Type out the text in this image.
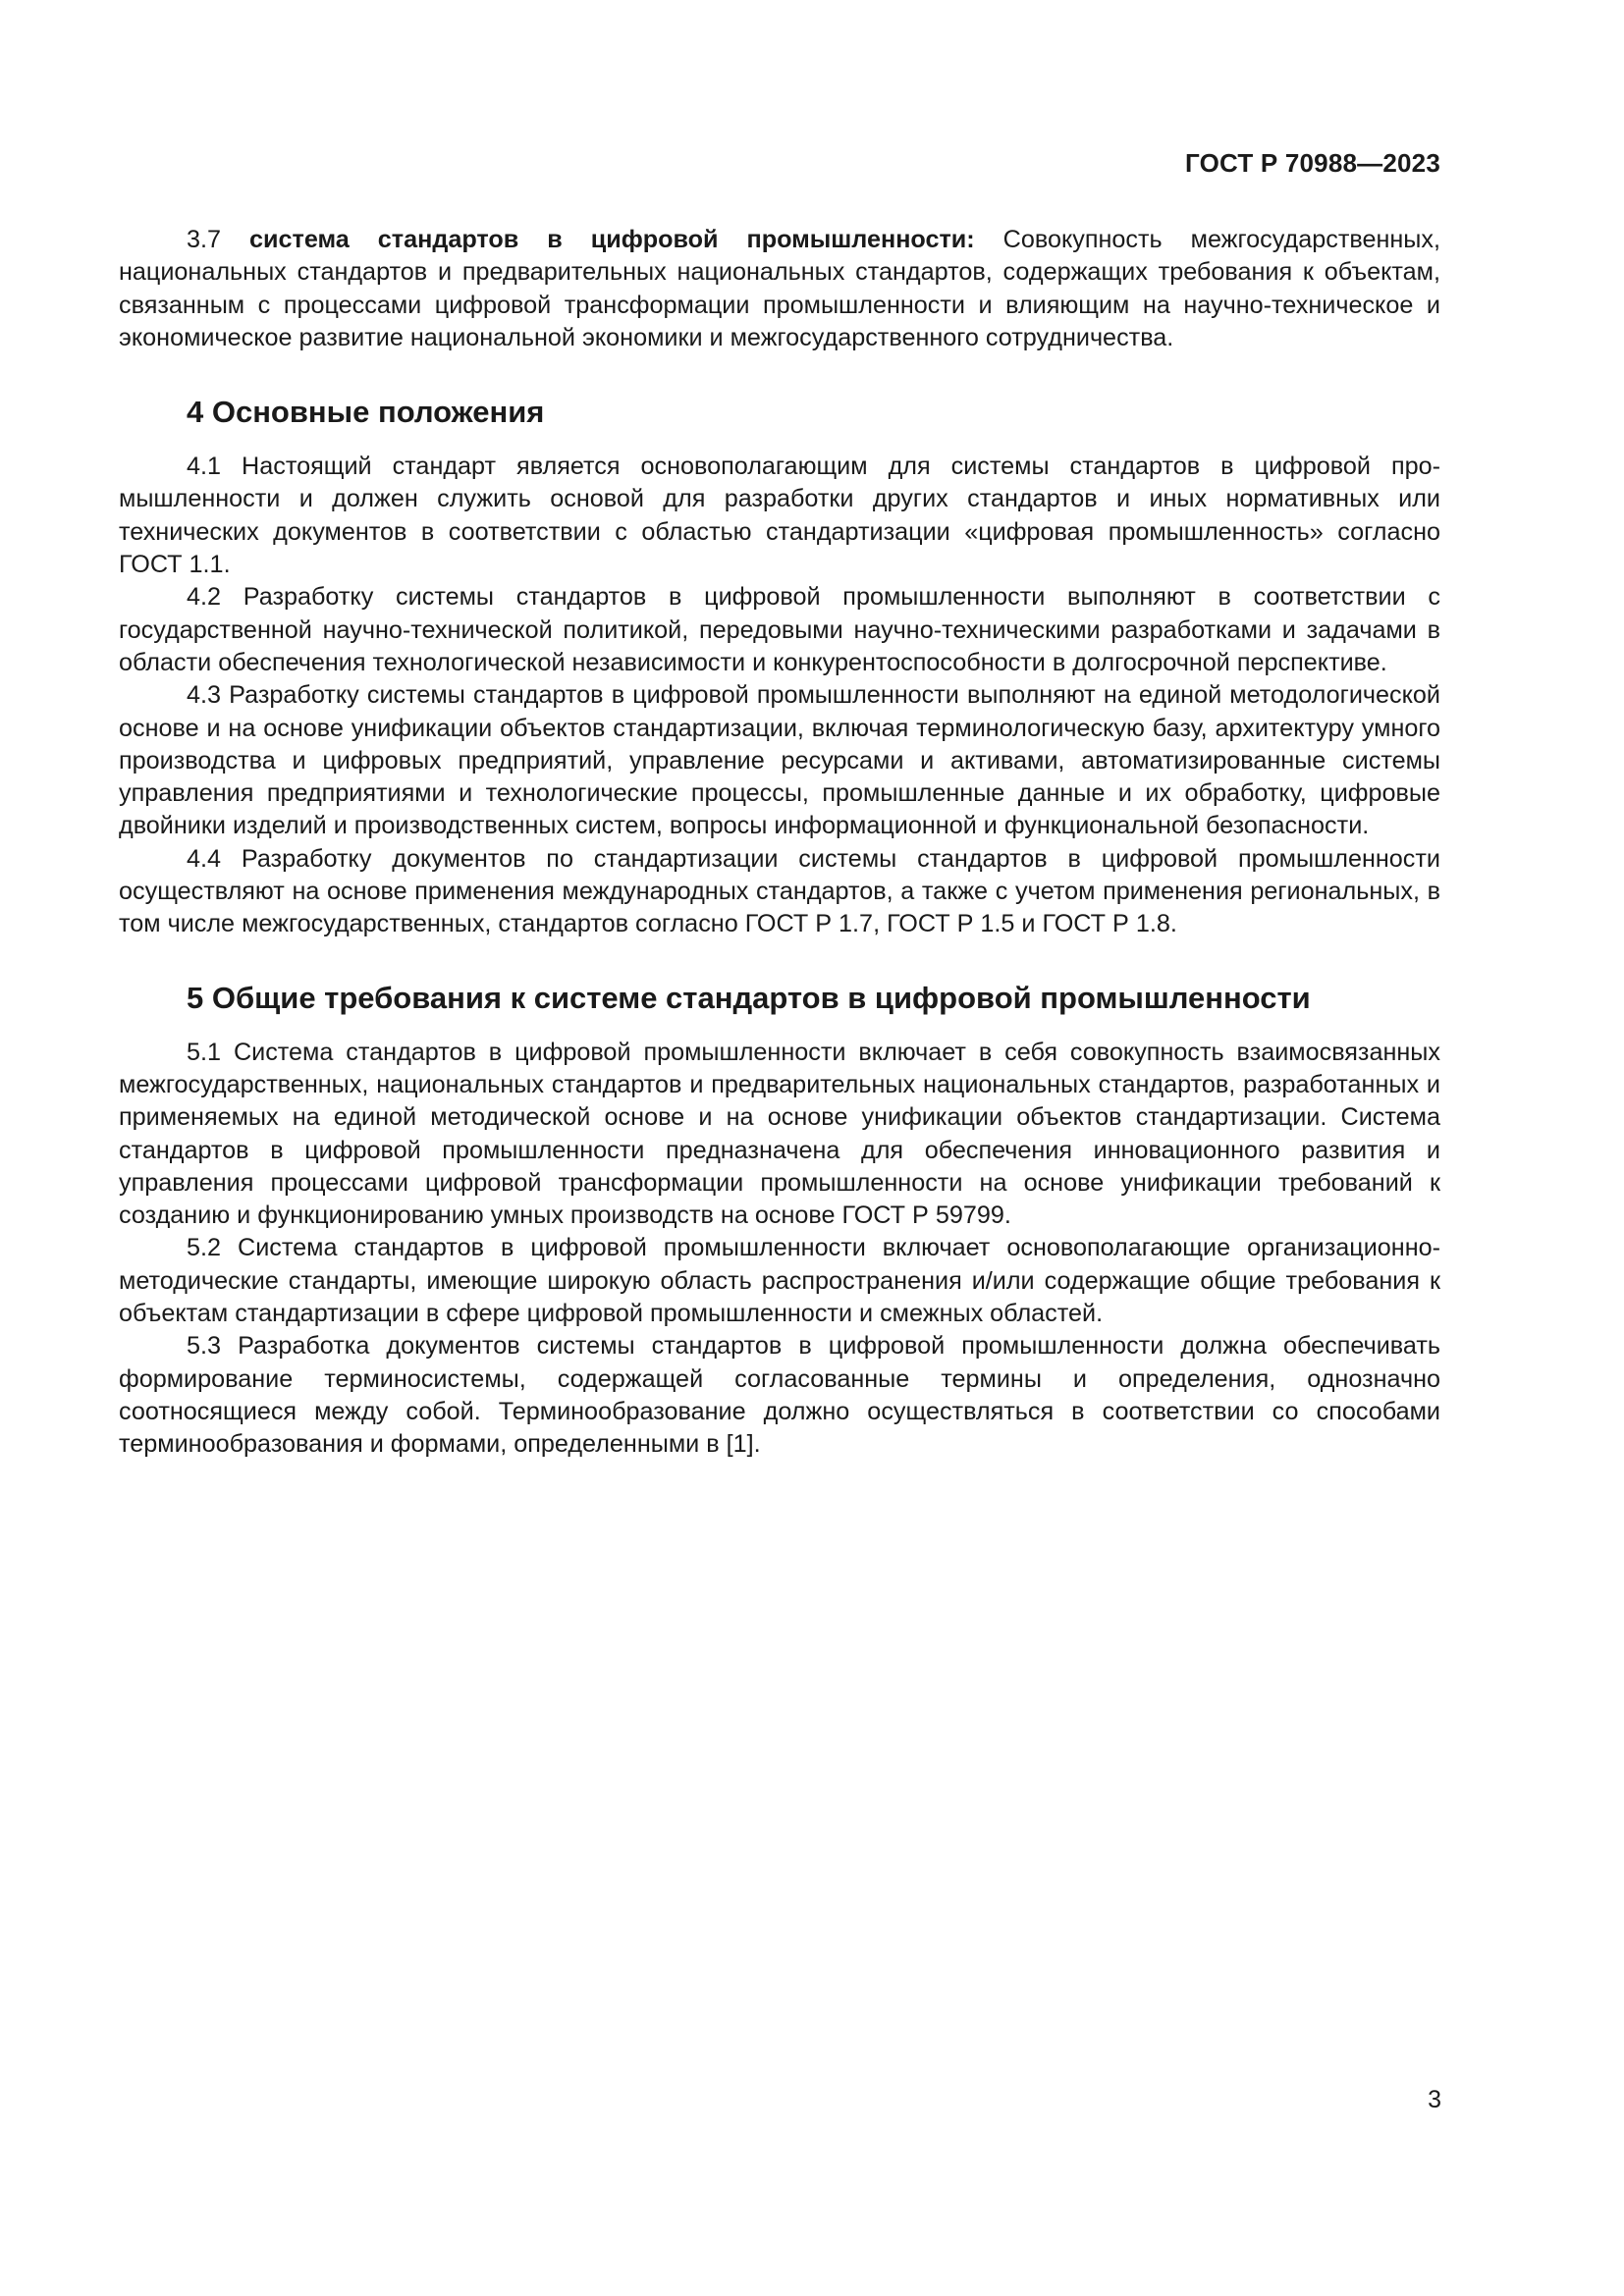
ГОСТ Р 70988—2023

3.7 система стандартов в цифровой промышленности: Совокупность межгосударственных, национальных стандартов и предварительных национальных стандартов, содержащих требования к объектам, связанным с процессами цифровой трансформации промышленности и влияющим на научно-техническое и экономическое развитие национальной экономики и межгосударственного сотрудничества.

4 Основные положения

4.1 Настоящий стандарт является основополагающим для системы стандартов в цифровой промышленности и должен служить основой для разработки других стандартов и иных нормативных или технических документов в соответствии с областью стандартизации «цифровая промышленность» согласно ГОСТ 1.1.

4.2 Разработку системы стандартов в цифровой промышленности выполняют в соответствии с государственной научно-технической политикой, передовыми научно-техническими разработками и задачами в области обеспечения технологической независимости и конкурентоспособности в долгосрочной перспективе.

4.3 Разработку системы стандартов в цифровой промышленности выполняют на единой методологической основе и на основе унификации объектов стандартизации, включая терминологическую базу, архитектуру умного производства и цифровых предприятий, управление ресурсами и активами, автоматизированные системы управления предприятиями и технологические процессы, промышленные данные и их обработку, цифровые двойники изделий и производственных систем, вопросы информационной и функциональной безопасности.

4.4 Разработку документов по стандартизации системы стандартов в цифровой промышленности осуществляют на основе применения международных стандартов, а также с учетом применения региональных, в том числе межгосударственных, стандартов согласно ГОСТ Р 1.7, ГОСТ Р 1.5 и ГОСТ Р 1.8.

5 Общие требования к системе стандартов в цифровой промышленности

5.1 Система стандартов в цифровой промышленности включает в себя совокупность взаимосвязанных межгосударственных, национальных стандартов и предварительных национальных стандартов, разработанных и применяемых на единой методической основе и на основе унификации объектов стандартизации. Система стандартов в цифровой промышленности предназначена для обеспечения инновационного развития и управления процессами цифровой трансформации промышленности на основе унификации требований к созданию и функционированию умных производств на основе ГОСТ Р 59799.

5.2 Система стандартов в цифровой промышленности включает основополагающие организационно-методические стандарты, имеющие широкую область распространения и/или содержащие общие требования к объектам стандартизации в сфере цифровой промышленности и смежных областей.

5.3 Разработка документов системы стандартов в цифровой промышленности должна обеспечивать формирование терминосистемы, содержащей согласованные термины и определения, однозначно соотносящиеся между собой. Терминообразование должно осуществляться в соответствии со способами терминообразования и формами, определенными в [1].

3
